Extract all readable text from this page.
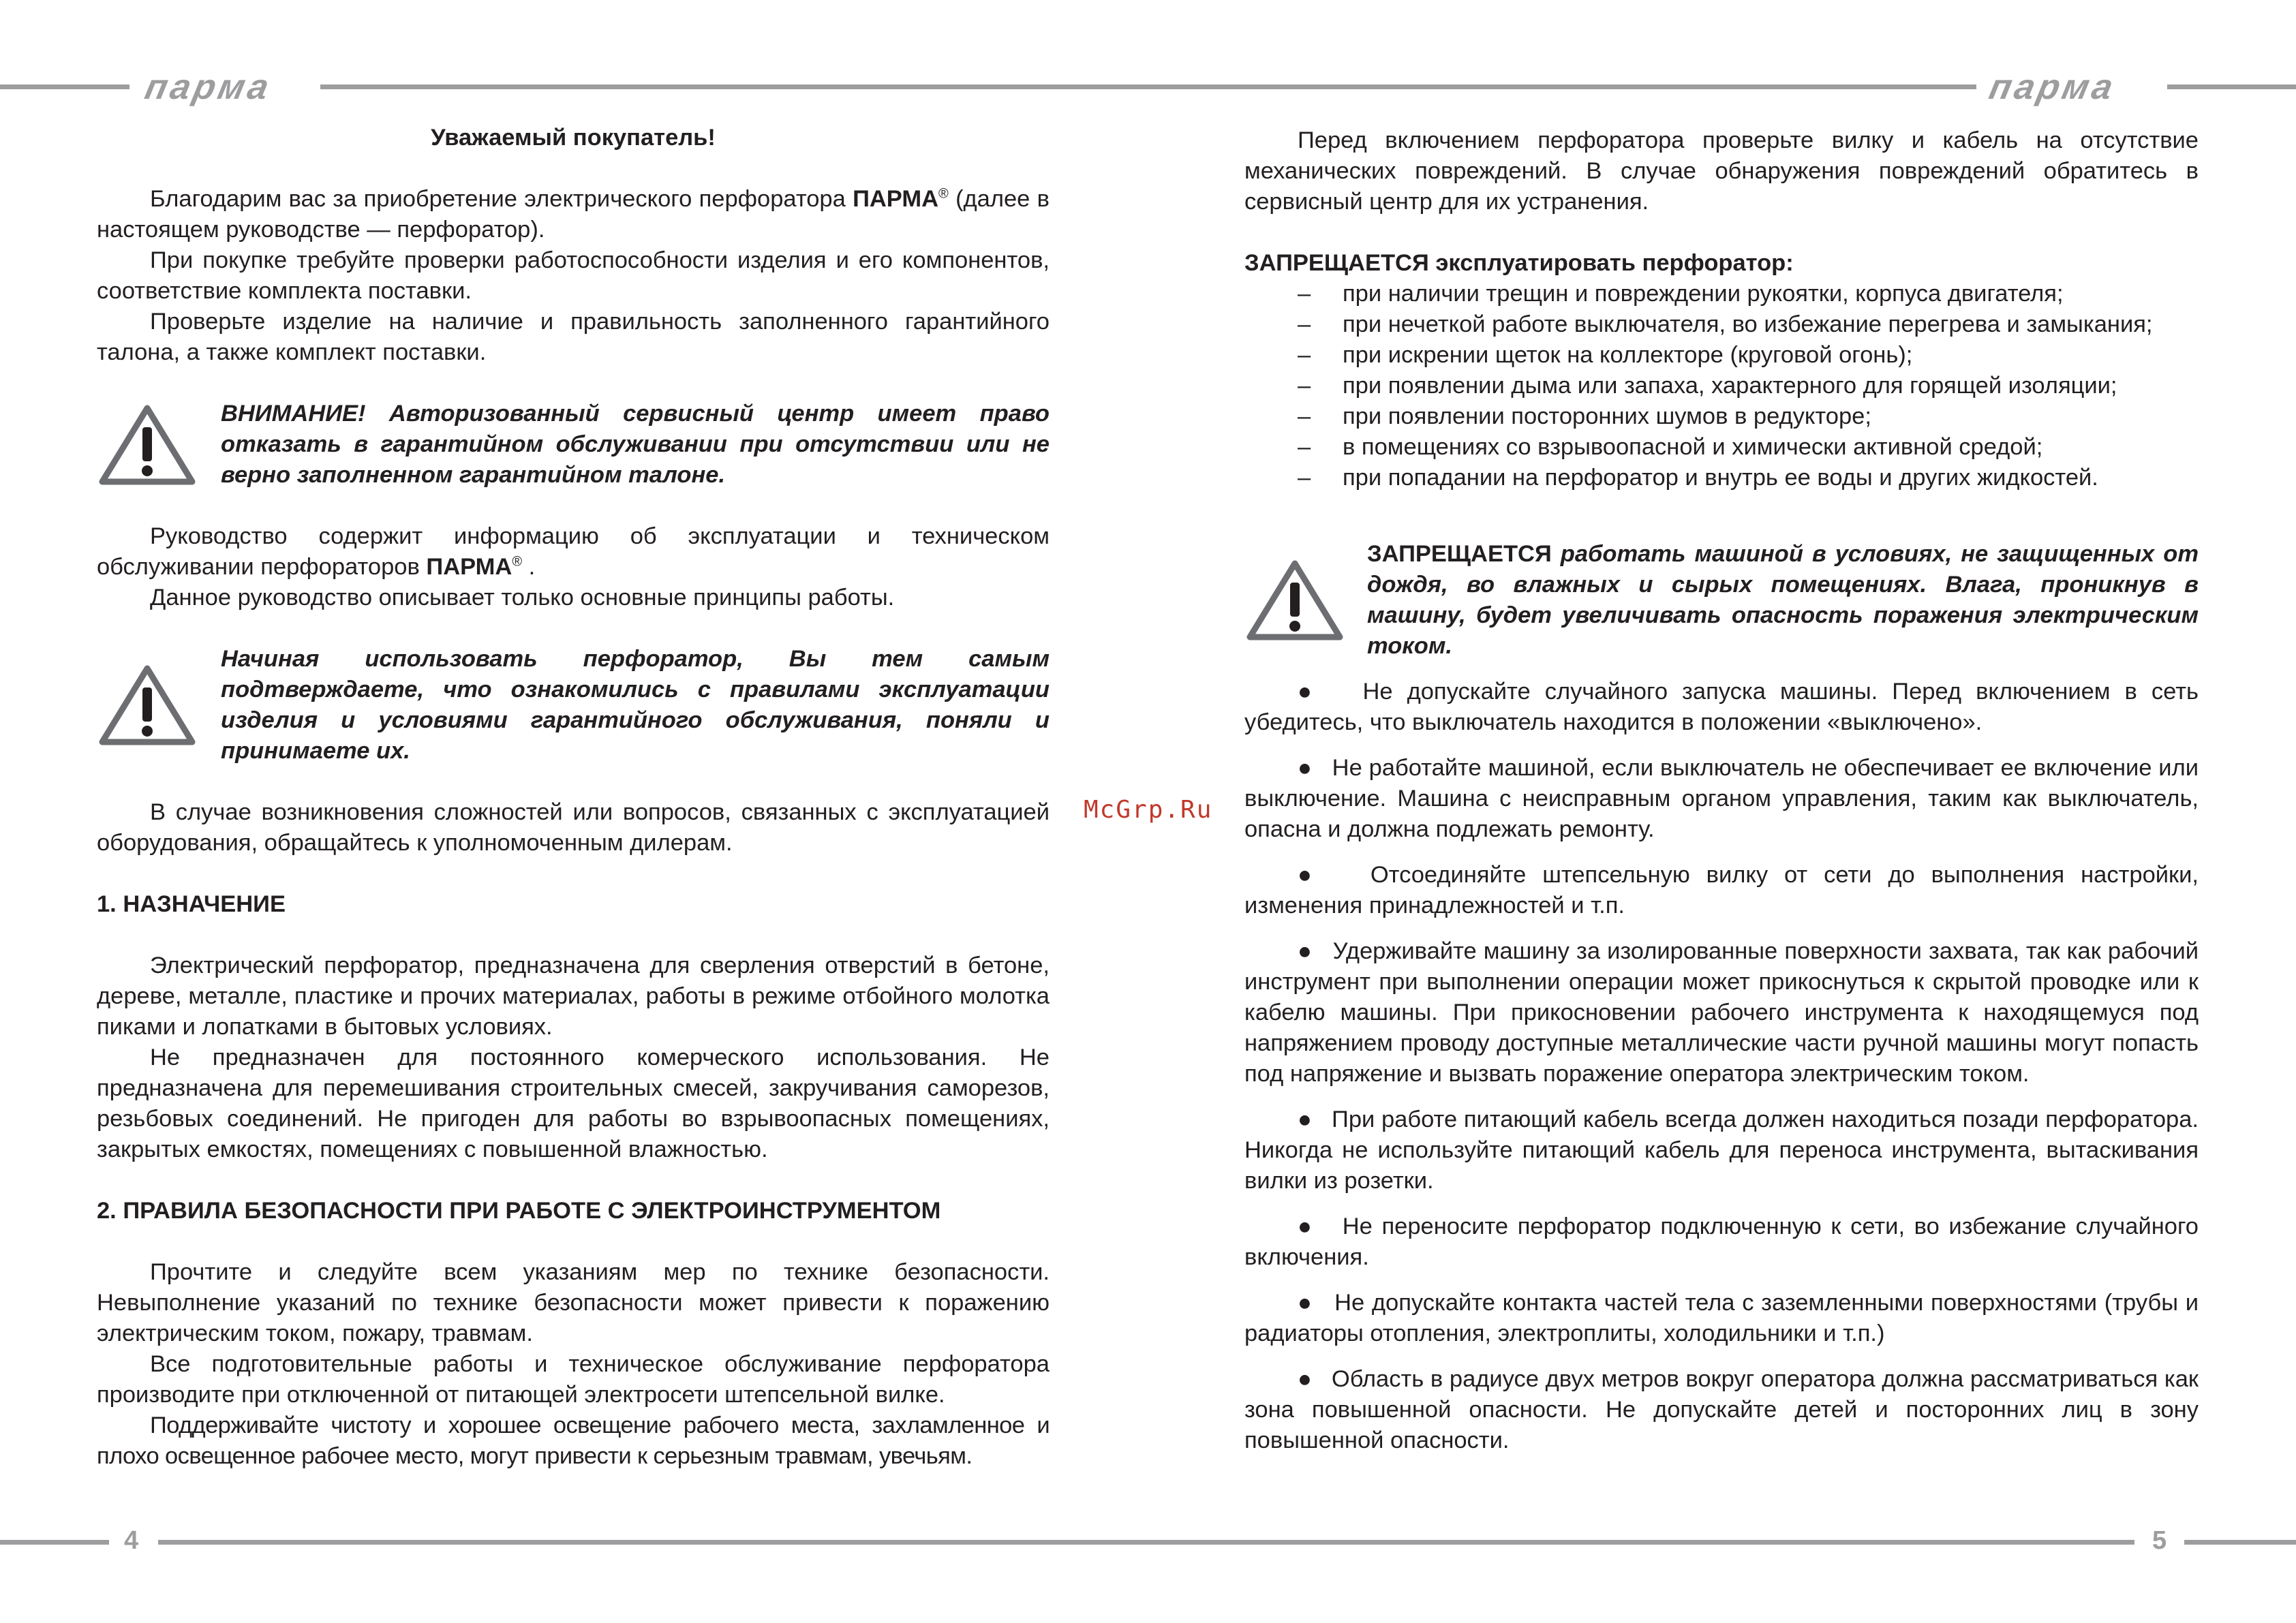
парма	парма
4	5
McGrp.Ru

Уважаемый покупатель!

Благодарим вас за приобретение электрического перфоратора ПАРМА® (далее в настоящем руководстве — перфоратор).

При покупке требуйте проверки работоспособности изделия и его компонентов, соответствие комплекта поставки.

Проверьте изделие на наличие и правильность заполненного гарантийного талона, а также комплект поставки.

ВНИМАНИЕ! Авторизованный сервисный центр имеет право отказать в гарантийном обслуживании при отсутствии или не верно заполненном гарантийном талоне.

Руководство содержит информацию об эксплуатации и техническом обслуживании перфораторов ПАРМА® .

Данное руководство описывает только основные принципы работы.

Начиная использовать перфоратор, Вы тем самым подтверждаете, что ознакомились с правилами эксплуатации изделия и условиями гарантийного обслуживания, поняли и принимаете их.

В случае возникновения сложностей или вопросов, связанных с эксплуатацией оборудования, обращайтесь к уполномоченным дилерам.

1. НАЗНАЧЕНИЕ

Электрический перфоратор, предназначена для сверления отверстий в бетоне, дереве, металле, пластике и прочих материалах, работы в режиме отбойного молотка пиками и лопатками в бытовых условиях.

Не предназначен для постоянного комерческого использования. Не предназначена для перемешивания строительных смесей, закручивания саморезов, резьбовых соединений. Не пригоден для работы во взрывоопасных помещениях, закрытых емкостях, помещениях с повышенной влажностью.

2. ПРАВИЛА БЕЗОПАСНОСТИ ПРИ РАБОТЕ С ЭЛЕКТРОИНСТРУМЕНТОМ

Прочтите и следуйте всем указаниям мер по технике безопасности. Невыполнение указаний по технике безопасности может привести к поражению электрическим током, пожару, травмам.

Все подготовительные работы и техническое обслуживание перфоратора производите при отключенной от питающей электросети штепсельной вилке.

Поддерживайте чистоту и хорошее освещение рабочего места, захламленное и плохо освещенное рабочее место, могут привести к серьезным травмам, увечьям.

Перед включением перфоратора проверьте вилку и кабель на отсутствие механических повреждений. В случае обнаружения повреждений обратитесь в сервисный центр для их устранения.

ЗАПРЕЩАЕТСЯ эксплуатировать перфоратор:

– при наличии трещин и повреждении рукоятки, корпуса двигателя;
– при нечеткой работе выключателя, во избежание перегрева и замыкания;
– при искрении щеток на коллекторе (круговой огонь);
– при появлении дыма или запаха, характерного для горящей изоляции;
– при появлении посторонних шумов в редукторе;
– в помещениях со взрывоопасной и химически активной средой;
– при попадании на перфоратор и внутрь ее воды и других жидкостей.

ЗАПРЕЩАЕТСЯ работать машиной в условиях, не защищенных от дождя, во влажных и сырых помещениях. Влага, проникнув в машину, будет увеличивать опасность поражения электрическим током.

● Не допускайте случайного запуска машины. Перед включением в сеть убедитесь, что выключатель находится в положении «выключено».

● Не работайте машиной, если выключатель не обеспечивает ее включение или выключение. Машина с неисправным органом управления, таким как выключатель, опасна и должна подлежать ремонту.

● Отсоединяйте штепсельную вилку от сети до выполнения настройки, изменения принадлежностей и т.п.

● Удерживайте машину за изолированные поверхности захвата, так как рабочий инструмент при выполнении операции может прикоснуться к скрытой проводке или к кабелю машины. При прикосновении рабочего инструмента к находящемуся под напряжением проводу доступные металлические части ручной машины могут попасть под напряжение и вызвать поражение оператора электрическим током.

● При работе питающий кабель всегда должен находиться позади перфоратора. Никогда не используйте питающий кабель для переноса инструмента, вытаскивания вилки из розетки.

● Не переносите перфоратор подключенную к сети, во избежание случайного включения.

● Не допускайте контакта частей тела с заземленными поверхностями (трубы и радиаторы отопления, электроплиты, холодильники и т.п.)

● Область в радиусе двух метров вокруг оператора должна рассматриваться как зона повышенной опасности. Не допускайте детей и посторонних лиц в зону повышенной опасности.
